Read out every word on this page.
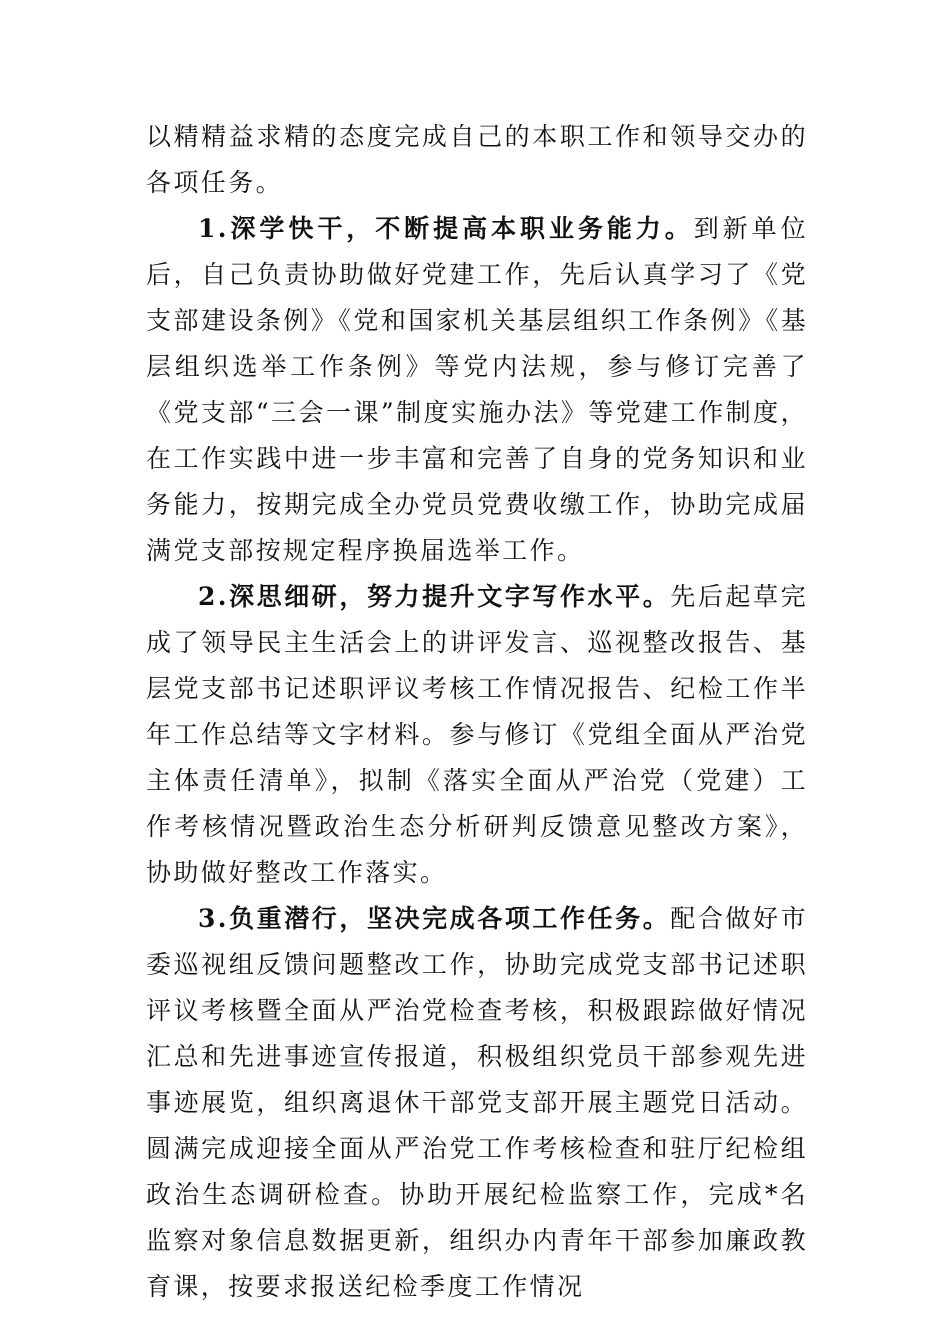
以精精益求精的态度完成自己的本职工作和领导交办的各项任务。

1.深学快干，不断提高本职业务能力。到新单位后，自己负责协助做好党建工作，先后认真学习了《党支部建设条例》《党和国家机关基层组织工作条例》《基层组织选举工作条例》等党内法规，参与修订完善了《党支部“三会一课”制度实施办法》等党建工作制度，在工作实践中进一步丰富和完善了自身的党务知识和业务能力，按期完成全办党员党费收缴工作，协助完成届满党支部按规定程序换届选举工作。

2.深思细研，努力提升文字写作水平。先后起草完成了领导民主生活会上的讲评发言、巡视整改报告、基层党支部书记述职评议考核工作情况报告、纪检工作半年工作总结等文字材料。参与修订《党组全面从严治党主体责任清单》，拟制《落实全面从严治党（党建）工作考核情况暨政治生态分析研判反馈意见整改方案》，协助做好整改工作落实。

3.负重潜行，坚决完成各项工作任务。配合做好市委巡视组反馈问题整改工作，协助完成党支部书记述职评议考核暨全面从严治党检查考核，积极跟踪做好情况汇总和先进事迹宣传报道，积极组织党员干部参观先进事迹展览，组织离退休干部党支部开展主题党日活动。圆满完成迎接全面从严治党工作考核检查和驻厅纪检组政治生态调研检查。协助开展纪检监察工作，完成*名监察对象信息数据更新，组织办内青年干部参加廉政教育课，按要求报送纪检季度工作情况
